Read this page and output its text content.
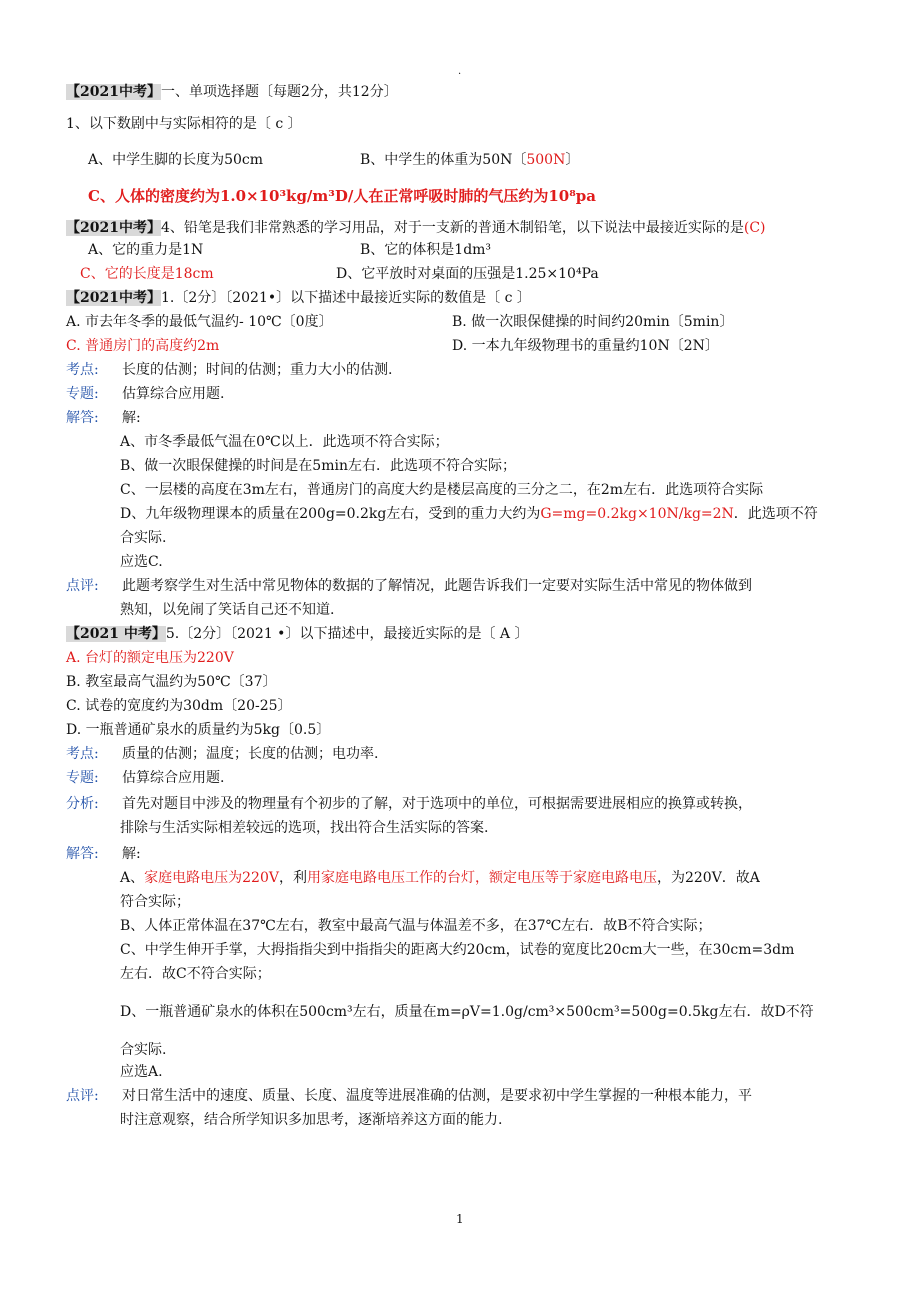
.
【2021中考】一、单项选择题〔每题2分，共12分〕
1、以下数剧中与实际相符的是〔 c 〕
A、中学生脚的长度为50cm	B、中学生的体重为50N〔500N〕
C、人体的密度约为1.0×10³kg/m³D/人在正常呼吸时肺的气压约为10⁸pa
【2021中考】4、铅笔是我们非常熟悉的学习用品，对于一支新的普通木制铅笔，以下说法中最接近实际的是(C)
A、它的重力是1N	B、它的体积是1dm³
C、它的长度是18cm	D、它平放时对桌面的压强是1.25×10⁴Pa
【2021中考】1.〔2分〕〔2021•〕以下描述中最接近实际的数值是〔 c 〕
A. 市去年冬季的最低气温约- 10℃〔0度〕	B. 做一次眼保健操的时间约20min〔5min〕
C. 普通房门的高度约2m	D. 一本九年级物理书的重量约10N〔2N〕
考点: 长度的估测；时间的估测；重力大小的估测.
专题: 估算综合应用题.
解答: 解:
A、市冬季最低气温在0℃以上．此选项不符合实际；
B、做一次眼保健操的时间是在5min左右．此选项不符合实际；
C、一层楼的高度在3m左右，普通房门的高度大约是楼层高度的三分之二，在2m左右．此选项符合实际
D、九年级物理课本的质量在200g=0.2kg左右，受到的重力大约为G=mg=0.2kg×10N/kg=2N．此选项不符
合实际.
应选C.
点评: 此题考察学生对生活中常见物体的数据的了解情况，此题告诉我们一定要对实际生活中常见的物体做到
熟知，以免闹了笑话自己还不知道.
【2021 中考】5.〔2分〕〔2021 •〕以下描述中，最接近实际的是〔 A 〕
A. 台灯的额定电压为220V
B. 教室最高气温约为50℃〔37〕
C. 试卷的宽度约为30dm〔20-25〕
D. 一瓶普通矿泉水的质量约为5kg〔0.5〕
考点: 质量的估测；温度；长度的估测；电功率.
专题: 估算综合应用题.
分析: 首先对题目中涉及的物理量有个初步的了解，对于选项中的单位，可根据需要进展相应的换算或转换，
排除与生活实际相差较远的选项，找出符合生活实际的答案.
解答: 解:
A、家庭电路电压为220V，利用家庭电路电压工作的台灯，额定电压等于家庭电路电压，为220V．故A
符合实际；
B、人体正常体温在37℃左右，教室中最高气温与体温差不多，在37℃左右．故B不符合实际；
C、中学生伸开手掌，大拇指指尖到中指指尖的距离大约20cm，试卷的宽度比20cm大一些，在30cm=3dm
左右．故C不符合实际；
D、一瓶普通矿泉水的体积在500cm³左右，质量在m=ρV=1.0g/cm³×500cm³=500g=0.5kg左右．故D不符
合实际.
应选A.
点评: 对日常生活中的速度、质量、长度、温度等进展准确的估测，是要求初中学生掌握的一种根本能力，平
时注意观察，结合所学知识多加思考，逐渐培养这方面的能力.
1
